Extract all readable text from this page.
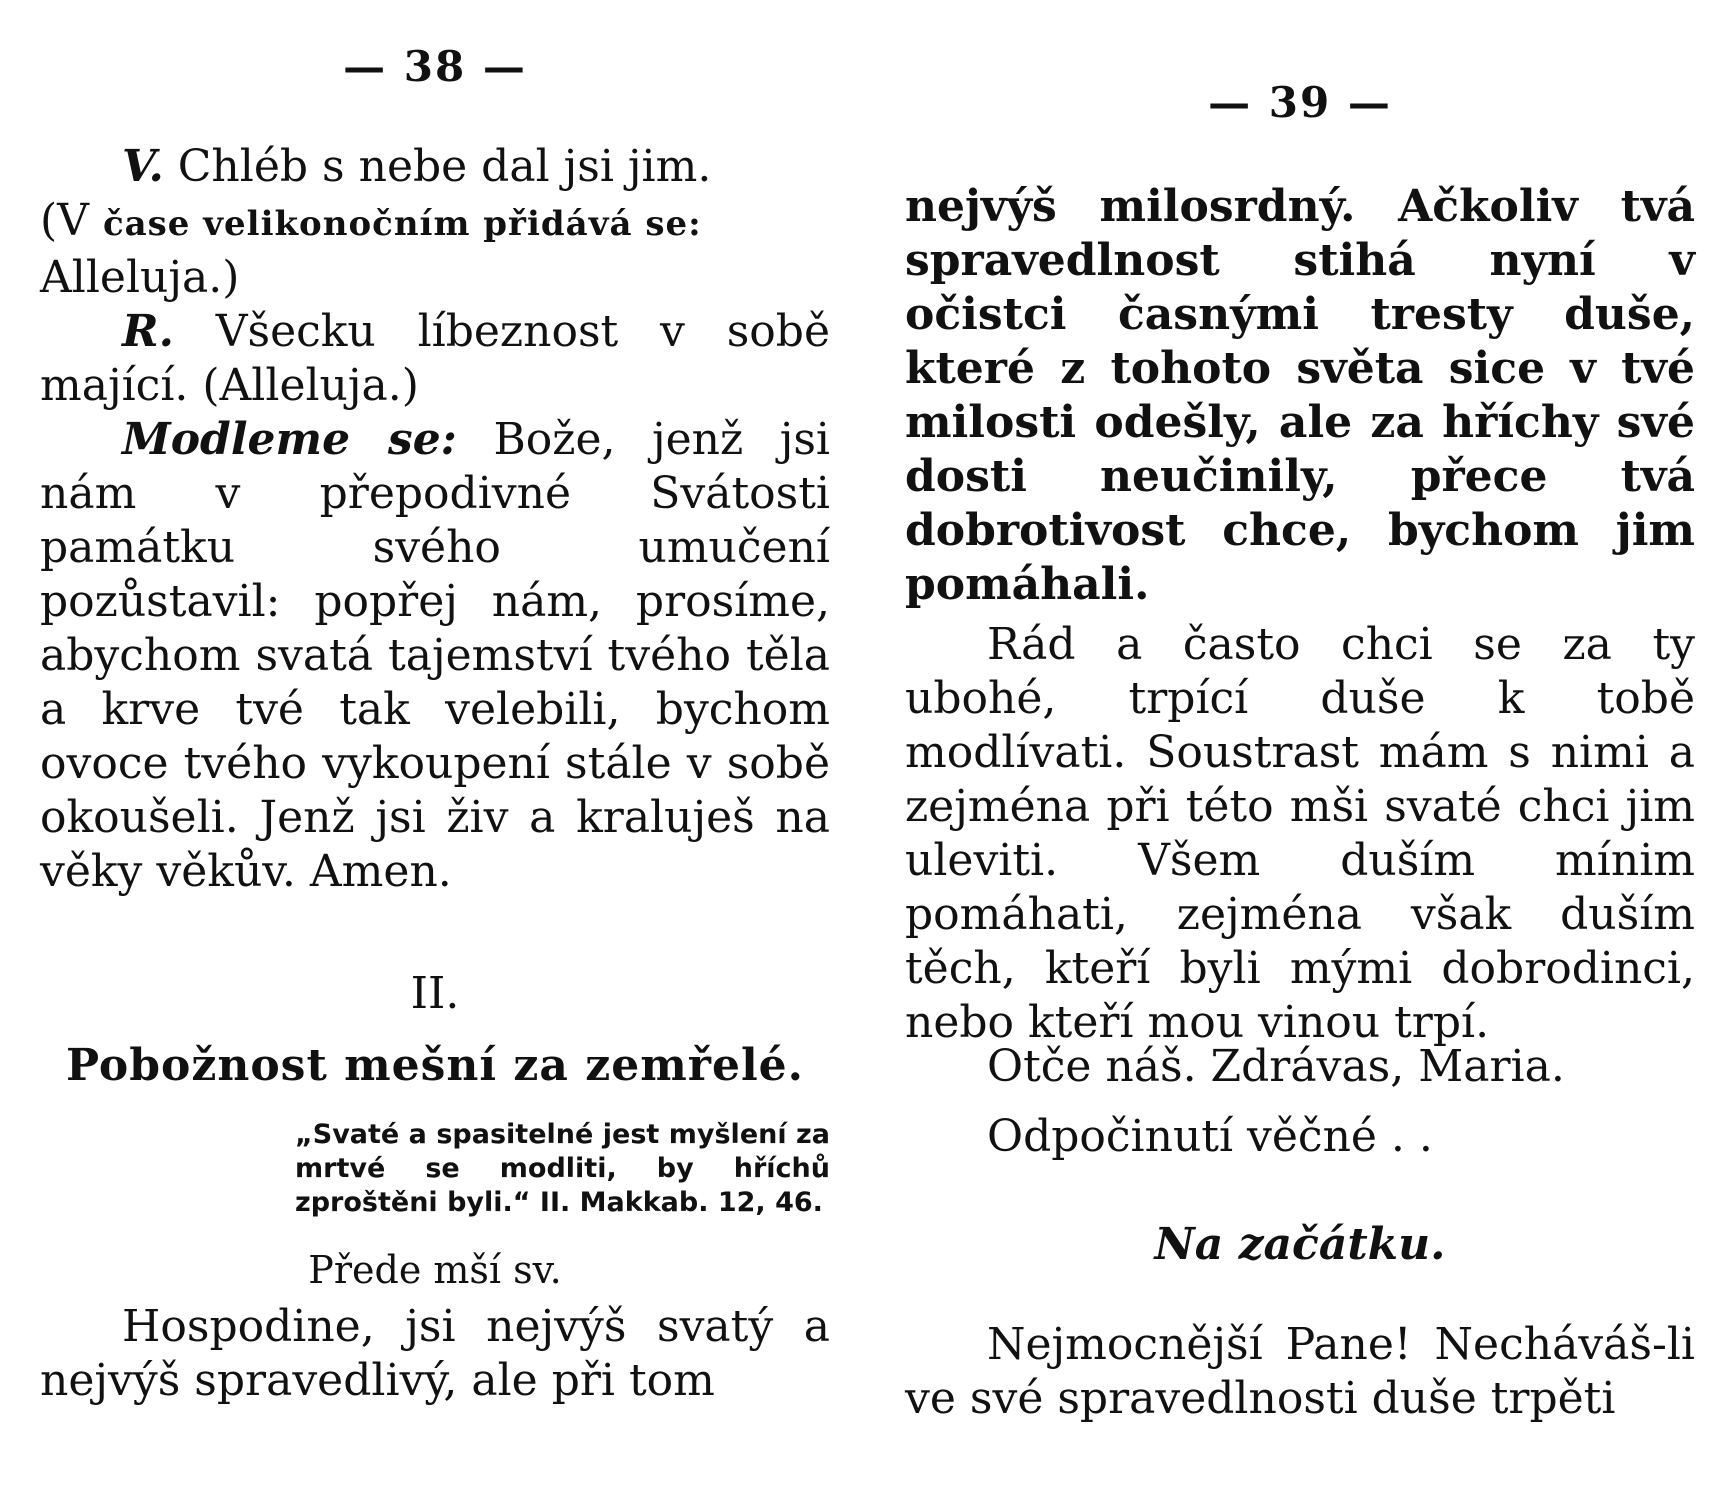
— 38 —

V. Chléb s nebe dal jsi jim.

(V čase velikonočním přidává se:
Alleluja.)

R. Všecku líbeznost v sobě mající. (Alleluja.)

Modleme se: Bože, jenž jsi nám v přepodivné Svátosti památku svého umučení pozůstavil: popřej nám, prosíme, abychom svatá tajemství tvého těla a krve tvé tak velebili, bychom ovoce tvého vykoupení stále v sobě okoušeli. Jenž jsi živ a kraluješ na věky věkův. Amen.

II.
Pobožnost mešní za zemřelé.
„Svaté a spasitelné jest myšlení za mrtvé se modliti, by hříchů zproštěni byli.“ II. Makkab. 12, 46.
Přede mší sv.

Hospodine, jsi nejvýš svatý a nejvýš spravedlivý, ale při tom

— 39 —

nejvýš milosrdný. Ačkoliv tvá spravedlnost stihá nyní v očistci časnými tresty duše, které z tohoto světa sice v tvé milosti odešly, ale za hříchy své dosti neučinily, přece tvá dobrotivost chce, bychom jim pomáhali.

Rád a často chci se za ty ubohé, trpící duše k tobě modlívati. Soustrast mám s nimi a zejména při této mši svaté chci jim uleviti. Všem duším mínim pomáhati, zejména však duším těch, kteří byli mými dobrodinci, nebo kteří mou vinou trpí.

Otče náš. Zdrávas, Maria.

Odpočinutí věčné . .

Na začátku.

Nejmocnější Pane! Necháváš-li ve své spravedlnosti duše trpěti
